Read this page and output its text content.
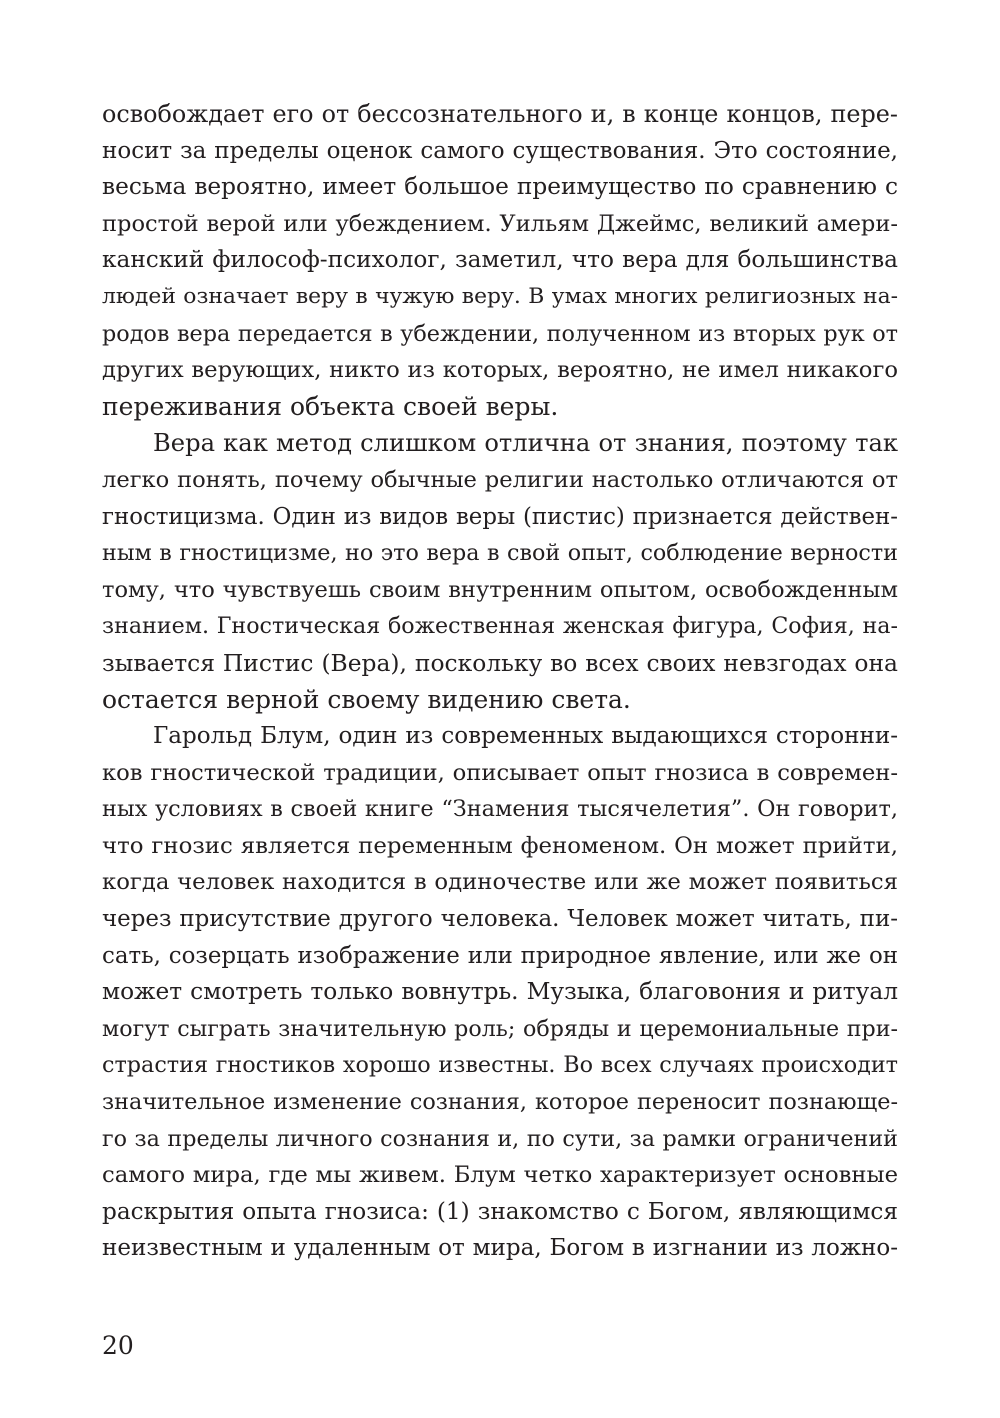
освобождает его от бессознательного и, в конце концов, пере-
носит за пределы оценок самого существования. Это состояние,
весьма вероятно, имеет большое преимущество по сравнению с
простой верой или убеждением. Уильям Джеймс, великий амери-
канский философ-психолог, заметил, что вера для большинства
людей означает веру в чужую веру. В умах многих религиозных на-
родов вера передается в убеждении, полученном из вторых рук от
других верующих, никто из которых, вероятно, не имел никакого
переживания объекта своей веры.
Вера как метод слишком отлична от знания, поэтому так
легко понять, почему обычные религии настолько отличаются от
гностицизма. Один из видов веры (пистис) признается действен-
ным в гностицизме, но это вера в свой опыт, соблюдение верности
тому, что чувствуешь своим внутренним опытом, освобожденным
знанием. Гностическая божественная женская фигура, София, на-
зывается Пистис (Вера), поскольку во всех своих невзгодах она
остается верной своему видению света.
Гарольд Блум, один из современных выдающихся сторонни-
ков гностической традиции, описывает опыт гнозиса в современ-
ных условиях в своей книге “Знамения тысячелетия”. Он говорит,
что гнозис является переменным феноменом. Он может прийти,
когда человек находится в одиночестве или же может появиться
через присутствие другого человека. Человек может читать, пи-
сать, созерцать изображение или природное явление, или же он
может смотреть только вовнутрь. Музыка, благовония и ритуал
могут сыграть значительную роль; обряды и церемониальные при-
страстия гностиков хорошо известны. Во всех случаях происходит
значительное изменение сознания, которое переносит познающе-
го за пределы личного сознания и, по сути, за рамки ограничений
самого мира, где мы живем. Блум четко характеризует основные
раскрытия опыта гнозиса: (1) знакомство с Богом, являющимся
неизвестным и удаленным от мира, Богом в изгнании из ложно-
20
